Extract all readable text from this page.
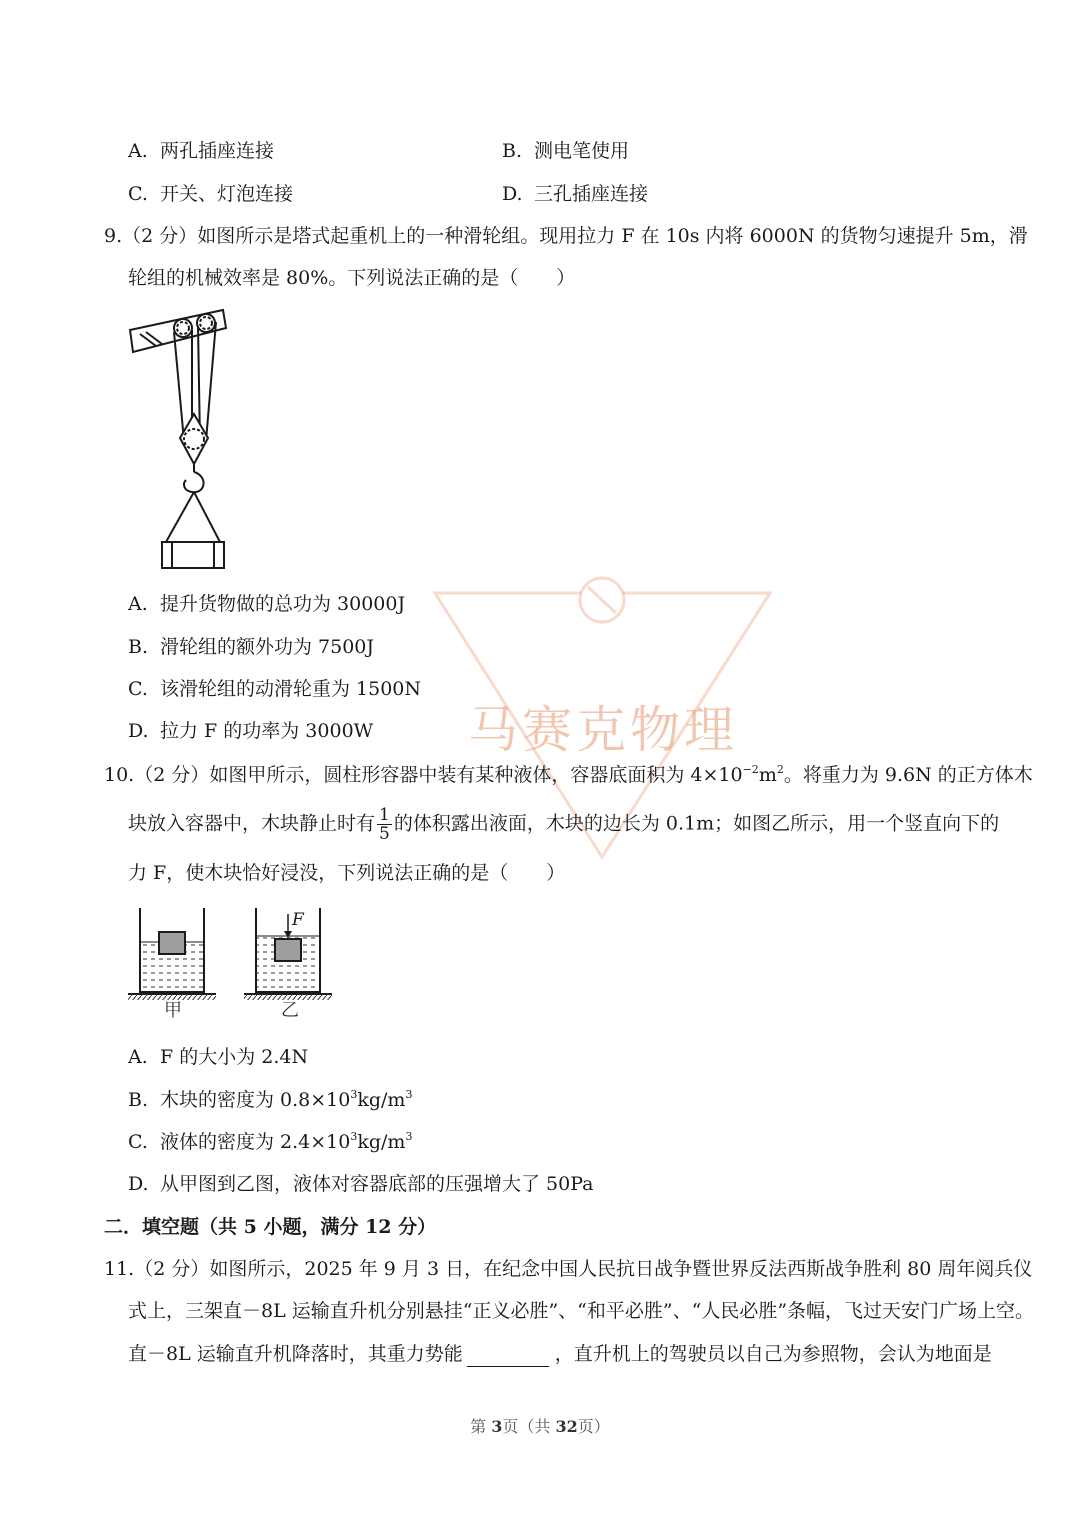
A. 两孔插座连接	B. 测电笔使用
C. 开关、灯泡连接	D. 三孔插座连接
9.（2 分）如图所示是塔式起重机上的一种滑轮组。现用拉力 F 在 10s 内将 6000N 的货物匀速提升 5m，滑
轮组的机械效率是 80%。下列说法正确的是（　　）
A. 提升货物做的总功为 30000J
B. 滑轮组的额外功为 7500J
C. 该滑轮组的动滑轮重为 1500N
D. 拉力 F 的功率为 3000W 马赛克物理
10.（2 分）如图甲所示，圆柱形容器中装有某种液体，容器底面积为 $4\times 10^{-2}m^2$。将重力为 9.6N 的正方体木
块放入容器中，木块静止时有 $\frac{1}{5}$ 的体积露出液面，木块的边长为 0.1m；如图乙所示，用一个竖直向下的
力 F，使木块恰好浸没，下列说法正确的是（　　）
F
甲	乙
A. F 的大小为 2.4N
B. 木块的密度为 $0.8\times 10^3kg/m^3$
C. 液体的密度为 $2.4\times 10^3kg/m^3$
D. 从甲图到乙图，液体对容器底部的压强增大了 50Pa
二．填空题（共 5 小题，满分 12 分）
11.（2 分）如图所示，2025 年 9 月 3 日，在纪念中国人民抗日战争暨世界反法西斯战争胜利 80 周年阅兵仪
式上，三架直－8L 运输直升机分别悬挂“正义必胜”、“和平必胜”、“人民必胜”条幅，飞过天安门广场上空。
直－8L 运输直升机降落时，其重力势能	，直升机上的驾驶员以自己为参照物，会认为地面是
第 3页（共 32页）
